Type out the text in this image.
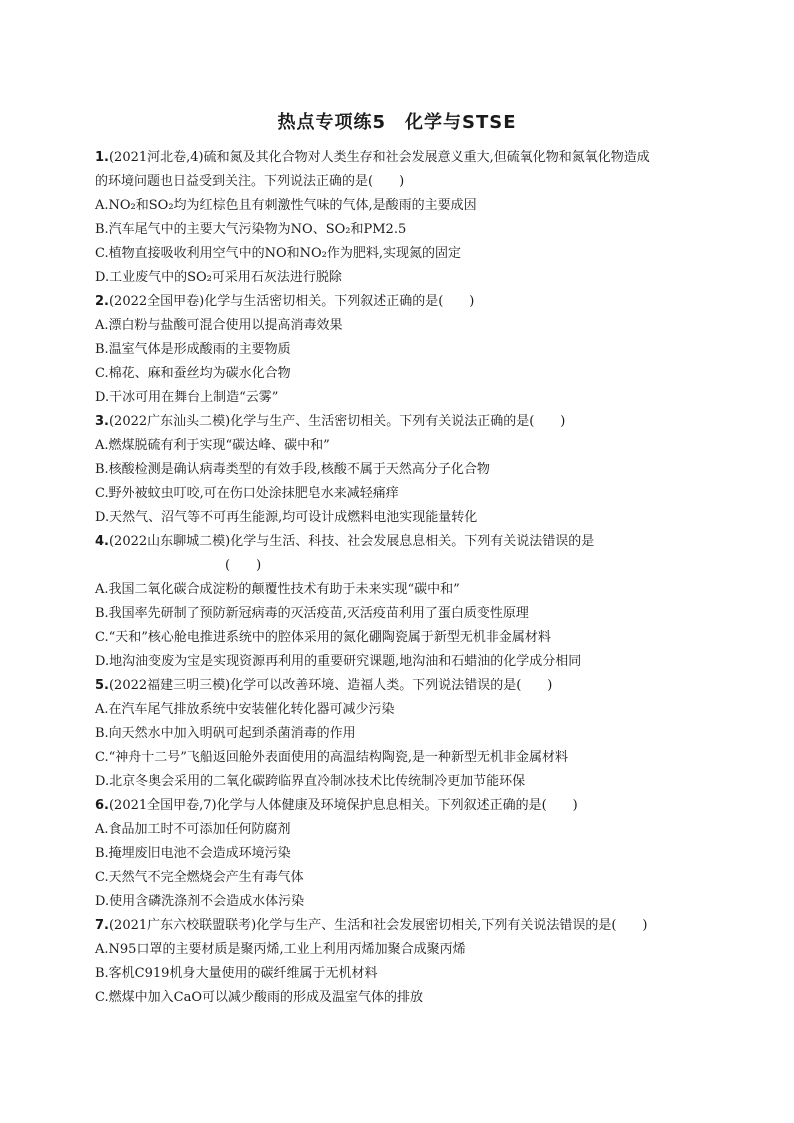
热点专项练5　化学与STSE
1.(2021河北卷,4)硫和氮及其化合物对人类生存和社会发展意义重大,但硫氧化物和氮氧化物造成
的环境问题也日益受到关注。下列说法正确的是(　　)
A.NO₂和SO₂均为红棕色且有刺激性气味的气体,是酸雨的主要成因
B.汽车尾气中的主要大气污染物为NO、SO₂和PM2.5
C.植物直接吸收利用空气中的NO和NO₂作为肥料,实现氮的固定
D.工业废气中的SO₂可采用石灰法进行脱除
2.(2022全国甲卷)化学与生活密切相关。下列叙述正确的是(　　)
A.漂白粉与盐酸可混合使用以提高消毒效果
B.温室气体是形成酸雨的主要物质
C.棉花、麻和蚕丝均为碳水化合物
D.干冰可用在舞台上制造“云雾”
3.(2022广东汕头二模)化学与生产、生活密切相关。下列有关说法正确的是(　　)
A.燃煤脱硫有利于实现“碳达峰、碳中和”
B.核酸检测是确认病毒类型的有效手段,核酸不属于天然高分子化合物
C.野外被蚊虫叮咬,可在伤口处涂抹肥皂水来减轻痛痒
D.天然气、沼气等不可再生能源,均可设计成燃料电池实现能量转化
4.(2022山东聊城二模)化学与生活、科技、社会发展息息相关。下列有关说法错误的是
(　　)
A.我国二氧化碳合成淀粉的颠覆性技术有助于未来实现“碳中和”
B.我国率先研制了预防新冠病毒的灭活疫苗,灭活疫苗利用了蛋白质变性原理
C.“天和”核心舱电推进系统中的腔体采用的氮化硼陶瓷属于新型无机非金属材料
D.地沟油变废为宝是实现资源再利用的重要研究课题,地沟油和石蜡油的化学成分相同
5.(2022福建三明三模)化学可以改善环境、造福人类。下列说法错误的是(　　)
A.在汽车尾气排放系统中安装催化转化器可减少污染
B.向天然水中加入明矾可起到杀菌消毒的作用
C.“神舟十二号”飞船返回舱外表面使用的高温结构陶瓷,是一种新型无机非金属材料
D.北京冬奥会采用的二氧化碳跨临界直冷制冰技术比传统制冷更加节能环保
6.(2021全国甲卷,7)化学与人体健康及环境保护息息相关。下列叙述正确的是(　　)
A.食品加工时不可添加任何防腐剂
B.掩埋废旧电池不会造成环境污染
C.天然气不完全燃烧会产生有毒气体
D.使用含磷洗涤剂不会造成水体污染
7.(2021广东六校联盟联考)化学与生产、生活和社会发展密切相关,下列有关说法错误的是(　　)
A.N95口罩的主要材质是聚丙烯,工业上利用丙烯加聚合成聚丙烯
B.客机C919机身大量使用的碳纤维属于无机材料
C.燃煤中加入CaO可以减少酸雨的形成及温室气体的排放
